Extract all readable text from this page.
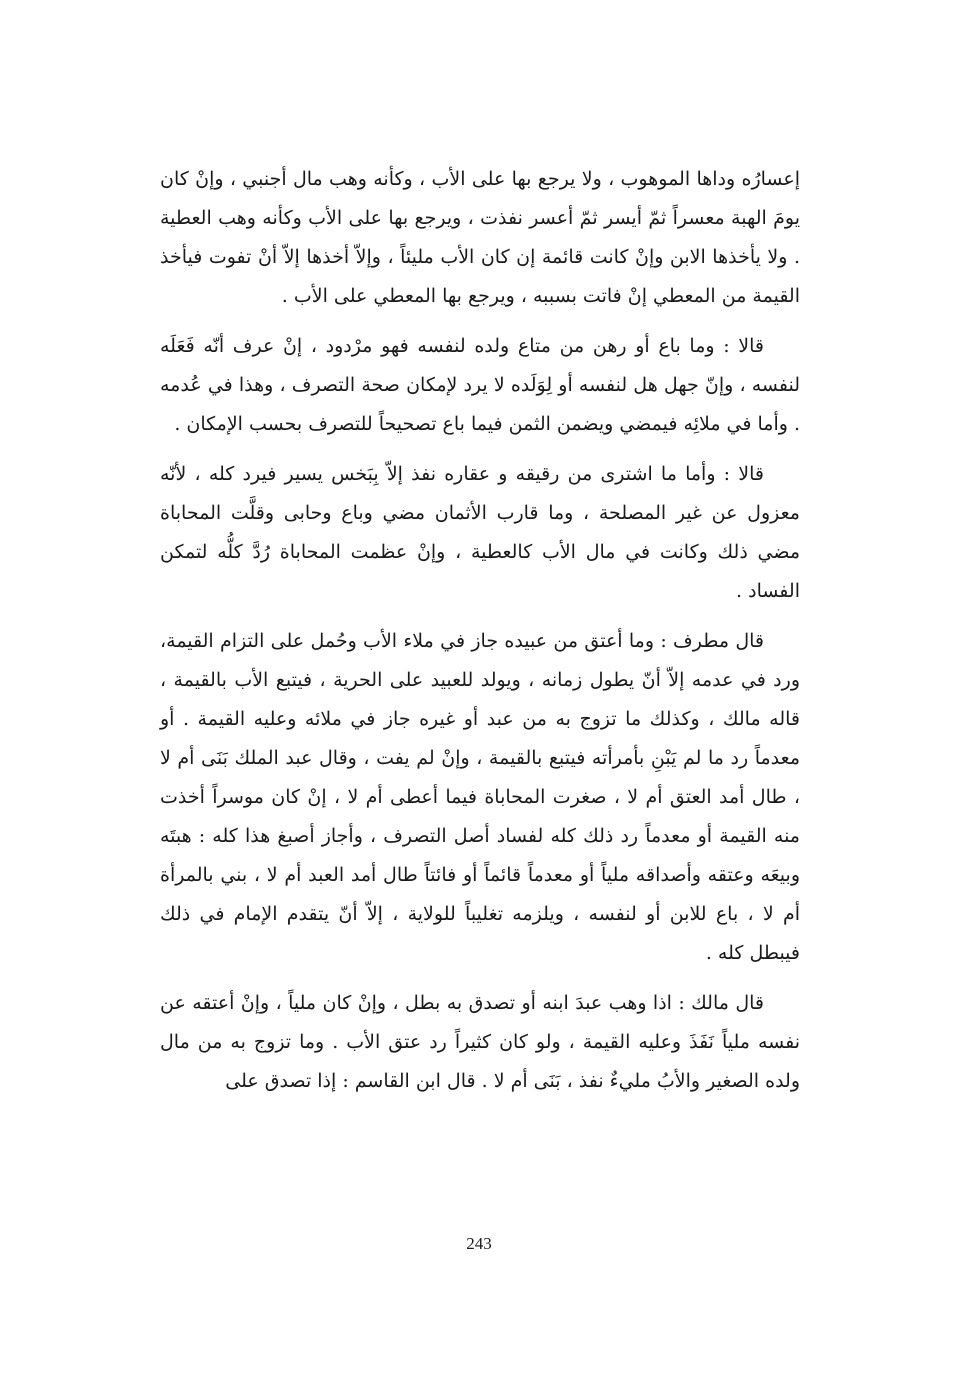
إعسارُه وداها الموهوب ، ولا يرجع بها على الأب ، وكأنه وهب مال أجنبي ، وإنْ كان يومَ الهبة معسراً ثمّ أيسر ثمّ أعسر نفذت ، ويرجع بها على الأب وكأنه وهب العطية . ولا يأخذها الابن وإنْ كانت قائمة إن كان الأب مليئاً ، وإلاّ أخذها إلاّ أنْ تفوت فيأخذ القيمة من المعطي إنْ فاتت بسببه ، ويرجع بها المعطي على الأب .

قالا : وما باع أو رهن من متاع ولده لنفسه فهو مرْدود ، إنْ عرف أنّه فَعَلَه لنفسه ، وإنّ جهل هل لنفسه أو لِوَلَده لا يرد لإمكان صحة التصرف ، وهذا في عُدمه . وأما في ملائِه فيمضي ويضمن الثمن فيما باع تصحيحاً للتصرف بحسب الإمكان .

قالا : وأما ما اشترى من رقيقه و عقاره نفذ إلاّ بِبَخس يسير فيرد كله ، لأنّه معزول عن غير المصلحة ، وما قارب الأثمان مضي وباع وحابى وقلَّت المحاباة مضي ذلك وكانت في مال الأب كالعطية ، وإنْ عظمت المحاباة رُدَّ كلُّه لتمكن الفساد .

قال مطرف : وما أعتق من عبيده جاز في ملاء الأب وحُمل على التزام القيمة، ورد في عدمه إلاّ أنّ يطول زمانه ، ويولد للعبيد على الحرية ، فيتبع الأب بالقيمة ، قاله مالك ، وكذلك ما تزوج به من عبد أو غيره جاز في ملائه وعليه القيمة . أو معدماً رد ما لم يَبْنِ بأمرأته فيتبع بالقيمة ، وإنْ لم يفت ، وقال عبد الملك بَنَى أم لا ، طال أمد العتق أم لا ، صغرت المحاباة فيما أعطى أم لا ، إنْ كان موسراً أخذت منه القيمة أو معدماً رد ذلك كله لفساد أصل التصرف ، وأجاز أصبغ هذا كله : هبتَه وبيعَه وعتقه وأصداقه ملياً أو معدماً قائماً أو فائتاً طال أمد العبد أم لا ، بني بالمرأة أم لا ، باع للابن أو لنفسه ، ويلزمه تغليباً للولاية ، إلاّ أنّ يتقدم الإمام في ذلك فيبطل كله .

قال مالك : اذا وهب عبدَ ابنه أو تصدق به بطل ، وإنْ كان ملياً ، وإنْ أعتقه عن نفسه ملياً نَفَذَ وعليه القيمة ، ولو كان كثيراً رد عتق الأب . وما تزوج به من مال ولده الصغير والأبُ مليءٌ نفذ ، بَنَى أم لا . قال ابن القاسم : إذا تصدق على

243
